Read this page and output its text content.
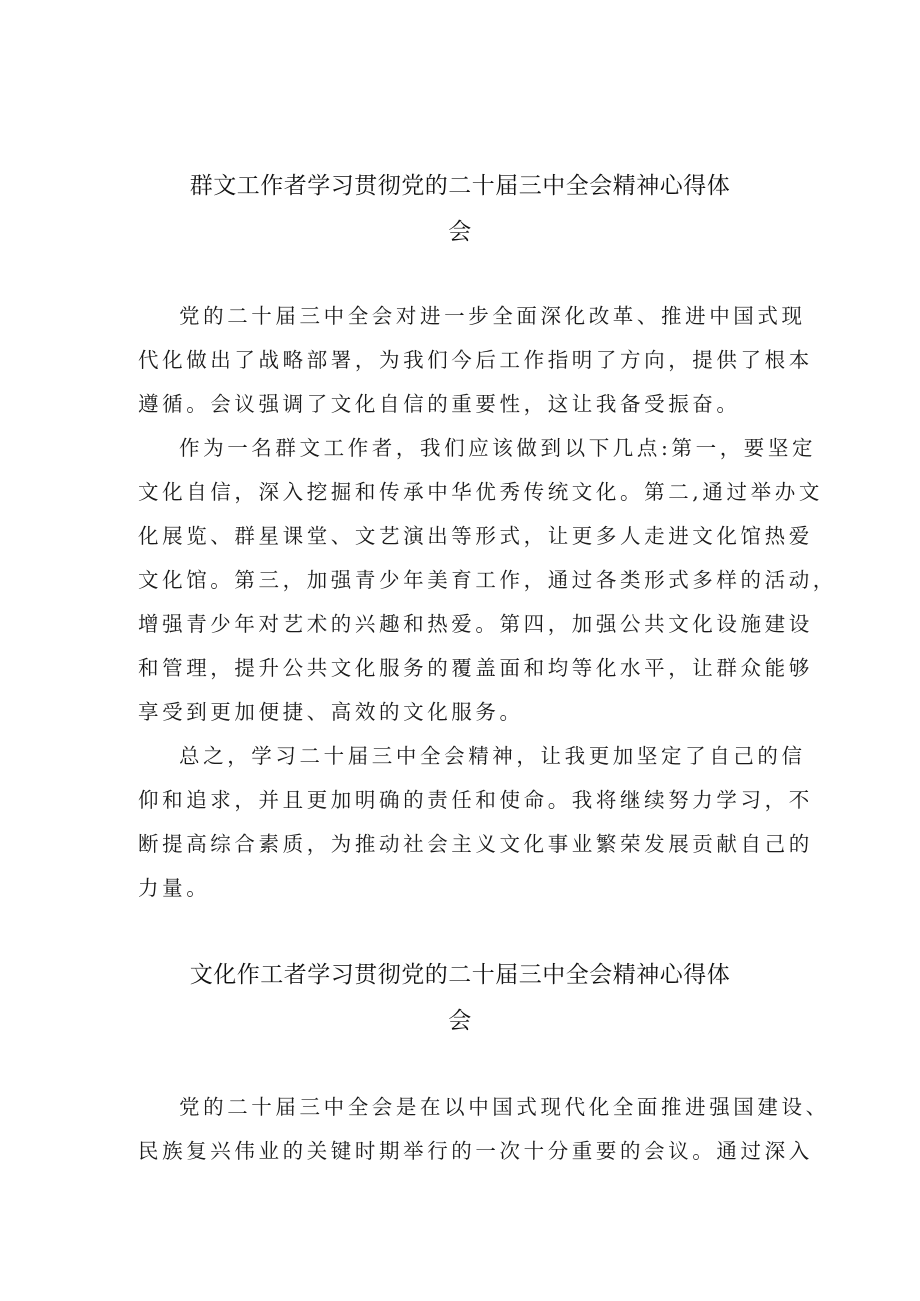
群文工作者学习贯彻党的二十届三中全会精神心得体
会

党的二十届三中全会对进一步全面深化改革、推进中国式现
代化做出了战略部署，为我们今后工作指明了方向，提供了根本
遵循。会议强调了文化自信的重要性，这让我备受振奋。

作为一名群文工作者，我们应该做到以下几点:第一，要坚定
文化自信，深入挖掘和传承中华优秀传统文化。第二,通过举办文
化展览、群星课堂、文艺演出等形式，让更多人走进文化馆热爱
文化馆。第三，加强青少年美育工作，通过各类形式多样的活动，
增强青少年对艺术的兴趣和热爱。第四，加强公共文化设施建设
和管理，提升公共文化服务的覆盖面和均等化水平，让群众能够
享受到更加便捷、高效的文化服务。

总之，学习二十届三中全会精神，让我更加坚定了自己的信
仰和追求，并且更加明确的责任和使命。我将继续努力学习，不
断提高综合素质，为推动社会主义文化事业繁荣发展贡献自己的
力量。

文化作工者学习贯彻党的二十届三中全会精神心得体
会

党的二十届三中全会是在以中国式现代化全面推进强国建设、
民族复兴伟业的关键时期举行的一次十分重要的会议。通过深入
